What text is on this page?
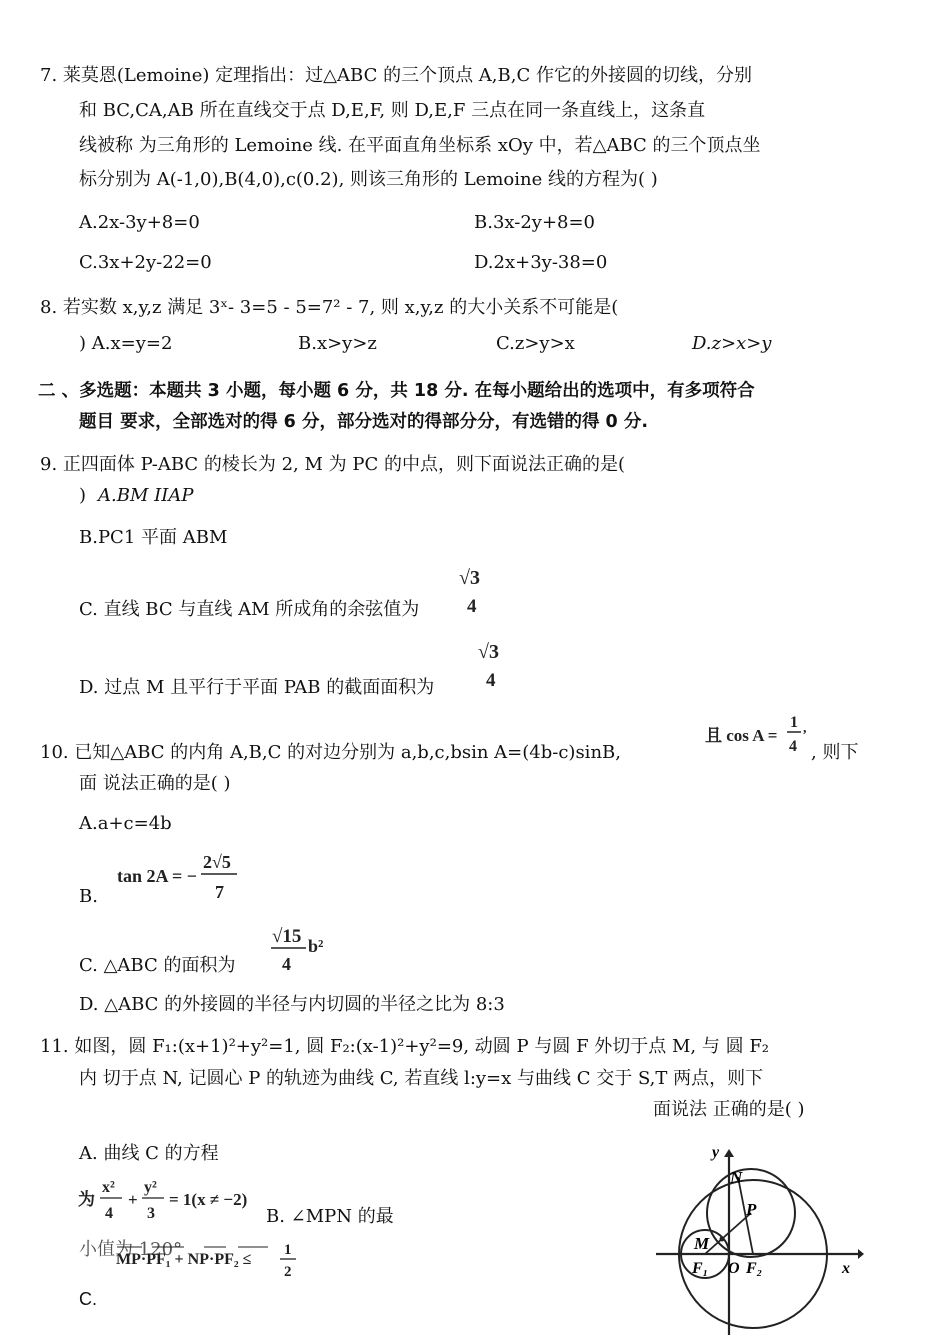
7. 莱莫恩(Lemoine) 定理指出：过△ABC 的三个顶点 A,B,C 作它的外接圆的切线，分别
和 BC,CA,AB 所在直线交于点 D,E,F, 则 D,E,F 三点在同一条直线上，这条直
线被称 为三角形的 Lemoine 线. 在平面直角坐标系 xOy 中，若△ABC 的三个顶点坐
标分别为 A(-1,0),B(4,0),c(0.2), 则该三角形的 Lemoine 线的方程为( )
A.2x-3y+8=0	B.3x-2y+8=0
C.3x+2y-22=0	D.2x+3y-38=0
8. 若实数 x,y,z 满足 3ˣ- 3=5 - 5=7² - 7, 则 x,y,z 的大小关系不可能是(
) A.x=y=2	B.x>y>z	C.z>y>x	D.z>x>y
二 、多选题：本题共 3 小题，每小题 6 分，共 18 分. 在每小题给出的选项中，有多项符合
题目 要求，全部选对的得 6 分，部分选对的得部分分，有选错的得 0 分.
9. 正四面体 P-ABC 的棱长为 2, M 为 PC 的中点，则下面说法正确的是(
) A.BM IIAP
B.PC1 平面 ABM
C. 直线 BC 与直线 AM 所成角的余弦值为
√3
4
D. 过点 M 且平行于平面 PAB 的截面面积为
√3
4
10. 已知△ABC 的内角 A,B,C 的对边分别为 a,b,c,bsin A=(4b-c)sinB,
且 cos A =
1
4
,
, 则下
面 说法正确的是( )
A.a+c=4b
B.
tan 2A = −
2√5
7
C. △ABC 的面积为
√15
4
b²
D. △ABC 的外接圆的半径与内切圆的半径之比为 8:3
11. 如图，圆 F₁:(x+1)²+y²=1, 圆 F₂:(x-1)²+y²=9, 动圆 P 与圆 F 外切于点 M, 与 圆 F₂
内 切于点 N, 记圆心 P 的轨迹为曲线 C, 若直线 l:y=x 与曲线 C 交于 S,T 两点，则下
面说法 正确的是( )
A. 曲线 C 的方程
为
x²
4
+
y²
3
= 1(x ≠ −2)
B. ∠MPN 的最
小值为 120°
MP·PF₁ + NP·PF₂ ≤
1
2
C.
y
N
P
M
F₁ O F₂	x
